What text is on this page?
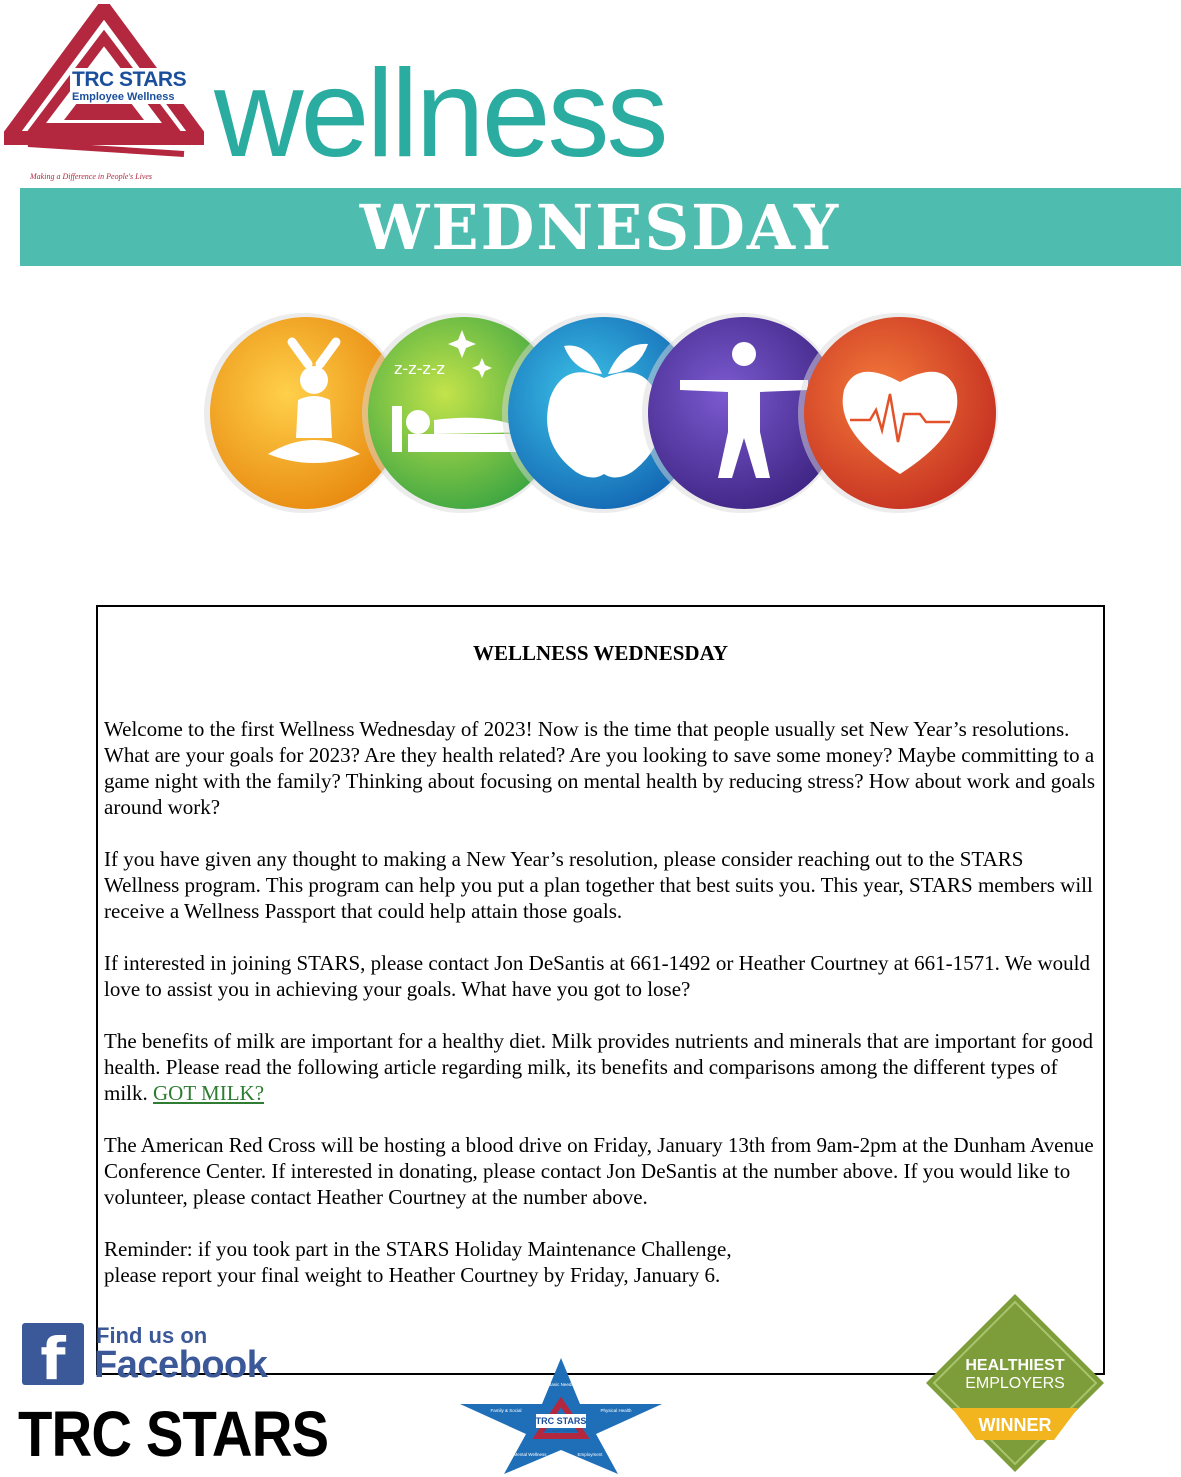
TRC STARS
Employee Wellness
Making a Difference in People's Lives wellness
WEDNESDAY
z-z-z-z
WELLNESS WEDNESDAY

Welcome to the first Wellness Wednesday of 2023! Now is the time that people usually set New Year’s resolutions. What are your goals for 2023? Are they health related? Are you looking to save some money? Maybe committing to a game night with the family? Thinking about focusing on mental health by reducing stress? How about work and goals around work?

If you have given any thought to making a New Year’s resolution, please consider reaching out to the STARS Wellness program. This program can help you put a plan together that best suits you. This year, STARS members will receive a Wellness Passport that could help attain those goals.

If interested in joining STARS, please contact Jon DeSantis at 661-1492 or Heather Courtney at 661-1571. We would love to assist you in achieving your goals. What have you got to lose?

The benefits of milk are important for a healthy diet. Milk provides nutrients and minerals that are important for good health. Please read the following article regarding milk, its benefits and comparisons among the different types of milk. GOT MILK?

The American Red Cross will be hosting a blood drive on Friday, January 13th from 9am-2pm at the Dunham Avenue Conference Center. If interested in donating, please contact Jon DeSantis at the number above. If you would like to volunteer, please contact Heather Courtney at the number above.

Reminder: if you took part in the STARS Holiday Maintenance Challenge,
please report your final weight to Heather Courtney by Friday, January 6.

f	Find us on
Facebook
TRC STARS	TRC STARS
Employee Wellness
Basic Needs
Physical Health
Employment
Mental Wellness
Family & Social
HEALTHIEST
EMPLOYERS
WINNER
